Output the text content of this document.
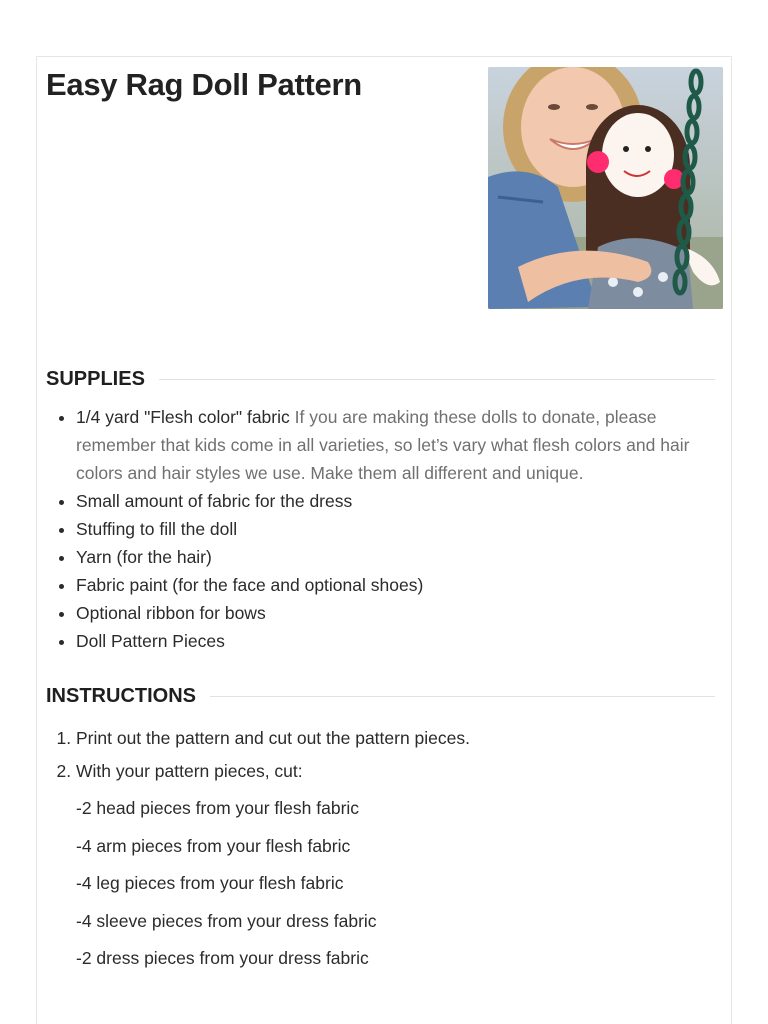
Easy Rag Doll Pattern
SUPPLIES
• 1/4 yard "Flesh color" fabric If you are making these dolls to donate, please remember that kids come in all varieties, so let’s vary what flesh colors and hair colors and hair styles we use. Make them all different and unique.
• Small amount of fabric for the dress
• Stuffing to fill the doll
• Yarn (for the hair)
• Fabric paint (for the face and optional shoes)
• Optional ribbon for bows
• Doll Pattern Pieces
INSTRUCTIONS
1. Print out the pattern and cut out the pattern pieces.
2. With your pattern pieces, cut:

-2 head pieces from your flesh fabric

-4 arm pieces from your flesh fabric

-4 leg pieces from your flesh fabric

-4 sleeve pieces from your dress fabric

-2 dress pieces from your dress fabric
